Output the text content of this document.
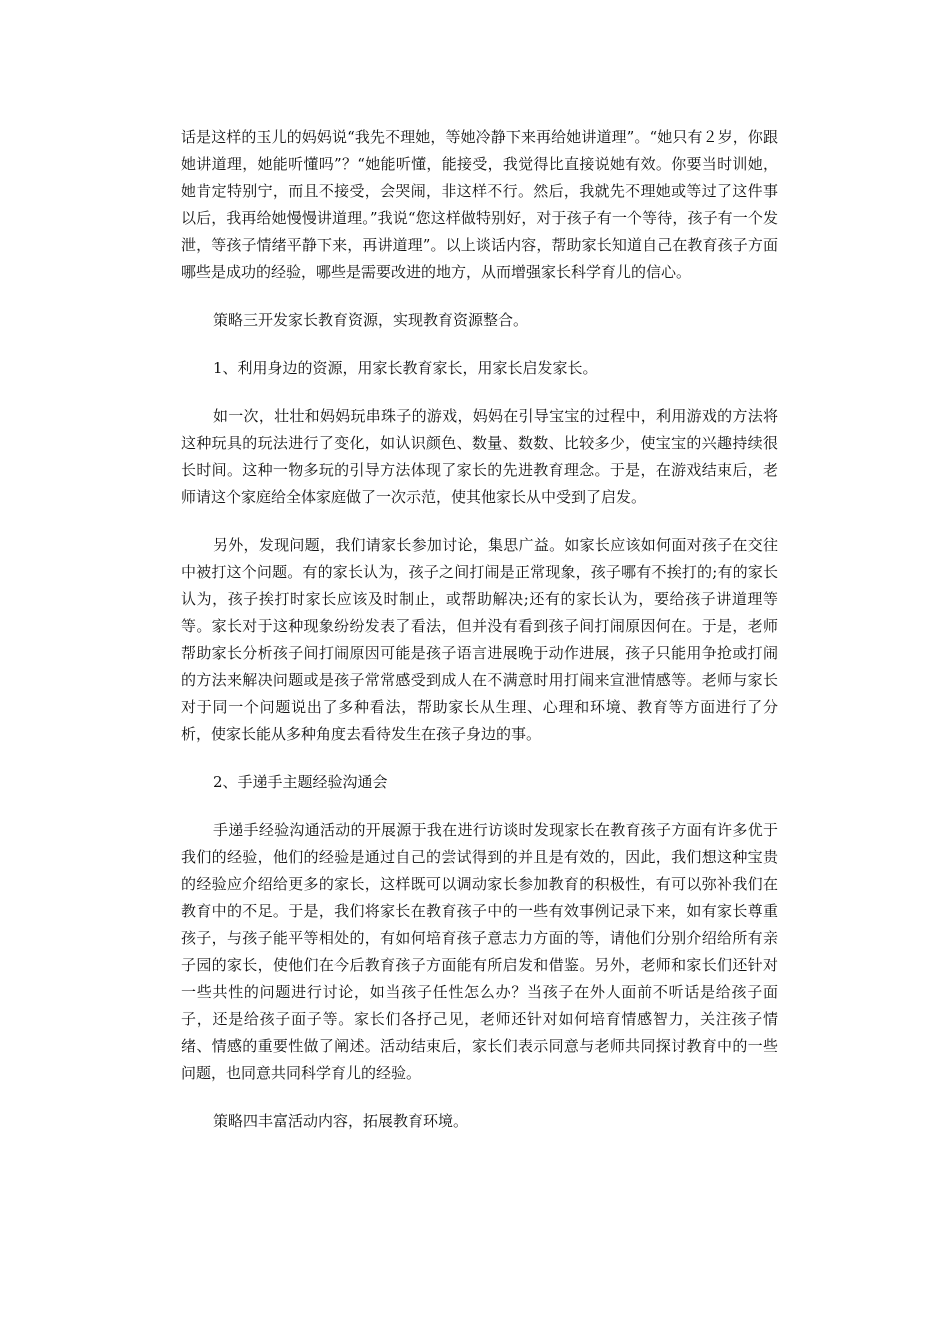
话是这样的玉儿的妈妈说“我先不理她，等她冷静下来再给她讲道理”。“她只有２岁，你跟她讲道理，她能听懂吗”？“她能听懂，能接受，我觉得比直接说她有效。你要当时训她，她肯定特别宁，而且不接受，会哭闹，非这样不行。然后，我就先不理她或等过了这件事以后，我再给她慢慢讲道理。”我说“您这样做特别好，对于孩子有一个等待，孩子有一个发泄，等孩子情绪平静下来，再讲道理”。以上谈话内容，帮助家长知道自己在教育孩子方面哪些是成功的经验，哪些是需要改进的地方，从而增强家长科学育儿的信心。

策略三开发家长教育资源，实现教育资源整合。

1、利用身边的资源，用家长教育家长，用家长启发家长。

如一次，壮壮和妈妈玩串珠子的游戏，妈妈在引导宝宝的过程中，利用游戏的方法将这种玩具的玩法进行了变化，如认识颜色、数量、数数、比较多少，使宝宝的兴趣持续很长时间。这种一物多玩的引导方法体现了家长的先进教育理念。于是，在游戏结束后，老师请这个家庭给全体家庭做了一次示范，使其他家长从中受到了启发。

另外，发现问题，我们请家长参加讨论，集思广益。如家长应该如何面对孩子在交往中被打这个问题。有的家长认为，孩子之间打闹是正常现象，孩子哪有不挨打的;有的家长认为，孩子挨打时家长应该及时制止，或帮助解决;还有的家长认为，要给孩子讲道理等等。家长对于这种现象纷纷发表了看法，但并没有看到孩子间打闹原因何在。于是，老师帮助家长分析孩子间打闹原因可能是孩子语言进展晚于动作进展，孩子只能用争抢或打闹的方法来解决问题或是孩子常常感受到成人在不满意时用打闹来宣泄情感等。老师与家长对于同一个问题说出了多种看法，帮助家长从生理、心理和环境、教育等方面进行了分析，使家长能从多种角度去看待发生在孩子身边的事。

2、手递手主题经验沟通会

手递手经验沟通活动的开展源于我在进行访谈时发现家长在教育孩子方面有许多优于我们的经验，他们的经验是通过自己的尝试得到的并且是有效的，因此，我们想这种宝贵的经验应介绍给更多的家长，这样既可以调动家长参加教育的积极性，有可以弥补我们在教育中的不足。于是，我们将家长在教育孩子中的一些有效事例记录下来，如有家长尊重孩子，与孩子能平等相处的，有如何培育孩子意志力方面的等，请他们分别介绍给所有亲子园的家长，使他们在今后教育孩子方面能有所启发和借鉴。另外，老师和家长们还针对一些共性的问题进行讨论，如当孩子任性怎么办？当孩子在外人面前不听话是给孩子面子，还是给孩子面子等。家长们各抒己见，老师还针对如何培育情感智力，关注孩子情绪、情感的重要性做了阐述。活动结束后，家长们表示同意与老师共同探讨教育中的一些问题，也同意共同科学育儿的经验。

策略四丰富活动内容，拓展教育环境。
